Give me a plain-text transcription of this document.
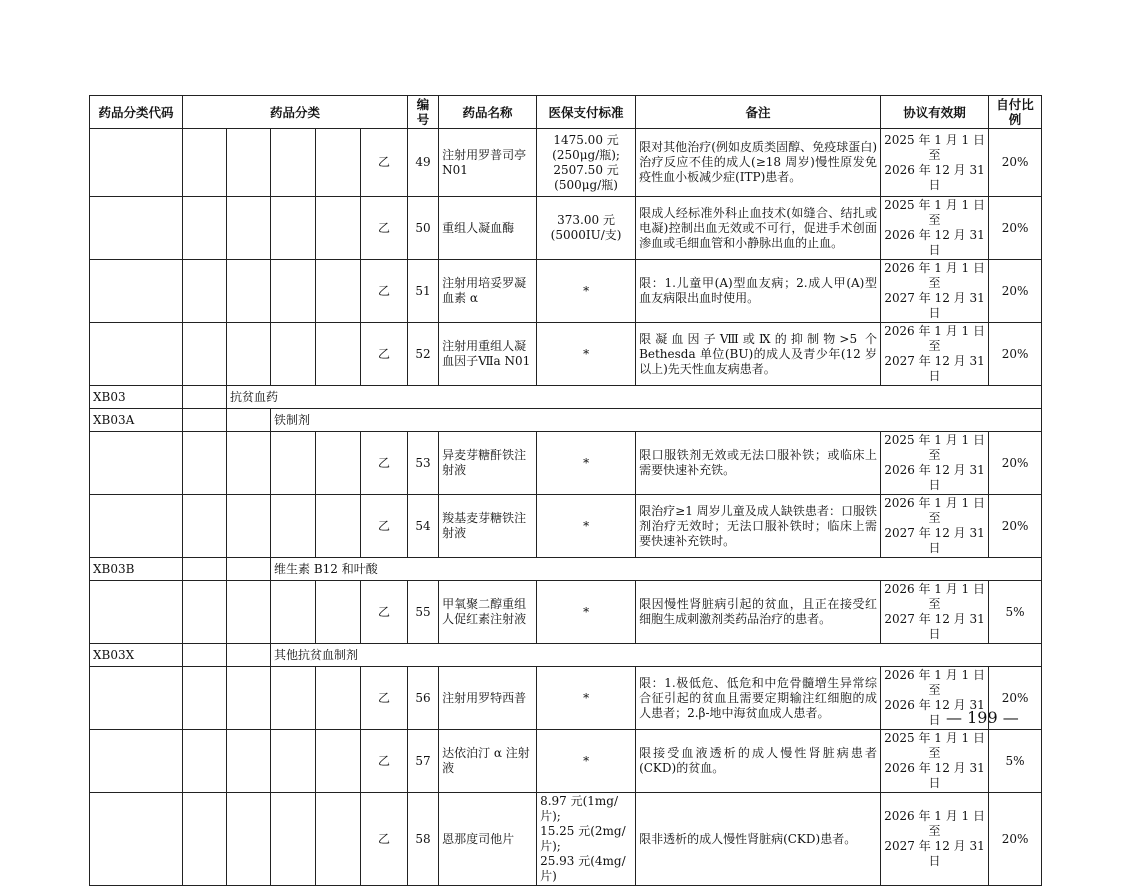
药品分类代码	药品分类					编号	药品名称	医保支付标准	备注	协议有效期	自付比例
					乙	49	注射用罗普司亭N01	1475.00 元
(250μg/瓶);
2507.50 元
(500μg/瓶)	限对其他治疗(例如皮质类固醇、免疫球蛋白)治疗反应不佳的成人(≥18 周岁)慢性原发免疫性血小板减少症(ITP)患者。	2025 年 1 月 1 日至
2026 年 12 月 31 日	20%
					乙	50	重组人凝血酶	373.00 元
(5000IU/支)	限成人经标准外科止血技术(如缝合、结扎或电凝)控制出血无效或不可行，促进手术创面渗血或毛细血管和小静脉出血的止血。	2025 年 1 月 1 日至
2026 年 12 月 31 日	20%
					乙	51	注射用培妥罗凝血素 α	*	限：1.儿童甲(A)型血友病；2.成人甲(A)型血友病限出血时使用。	2026 年 1 月 1 日至
2027 年 12 月 31 日	20%
					乙	52	注射用重组人凝血因子Ⅶa N01	*	限凝血因子Ⅷ或Ⅸ的抑制物>5 个 Bethesda 单位(BU)的成人及青少年(12 岁以上)先天性血友病患者。	2026 年 1 月 1 日至
2027 年 12 月 31 日	20%
XB03		抗贫血药									
XB03A			铁制剂								
					乙	53	异麦芽糖酐铁注射液	*	限口服铁剂无效或无法口服补铁；或临床上需要快速补充铁。	2025 年 1 月 1 日至
2026 年 12 月 31 日	20%
					乙	54	羧基麦芽糖铁注射液	*	限治疗≥1 周岁儿童及成人缺铁患者：口服铁剂治疗无效时；无法口服补铁时；临床上需要快速补充铁时。	2026 年 1 月 1 日至
2027 年 12 月 31 日	20%
XB03B			维生素 B12 和叶酸								
					乙	55	甲氧聚二醇重组人促红素注射液	*	限因慢性肾脏病引起的贫血，且正在接受红细胞生成刺激剂类药品治疗的患者。	2026 年 1 月 1 日至
2027 年 12 月 31 日	5%
XB03X			其他抗贫血制剂								
					乙	56	注射用罗特西普	*	限：1.极低危、低危和中危骨髓增生异常综合征引起的贫血且需要定期输注红细胞的成人患者；2.β-地中海贫血成人患者。	2026 年 1 月 1 日至
2026 年 12 月 31 日	20%
					乙	57	达依泊汀 α 注射液	*	限接受血液透析的成人慢性肾脏病患者(CKD)的贫血。	2025 年 1 月 1 日至
2026 年 12 月 31 日	5%
					乙	58	恩那度司他片	8.97 元(1mg/片);
15.25 元(2mg/片);
25.93 元(4mg/片)	限非透析的成人慢性肾脏病(CKD)患者。	2026 年 1 月 1 日至
2027 年 12 月 31 日	20%
— 199 —
